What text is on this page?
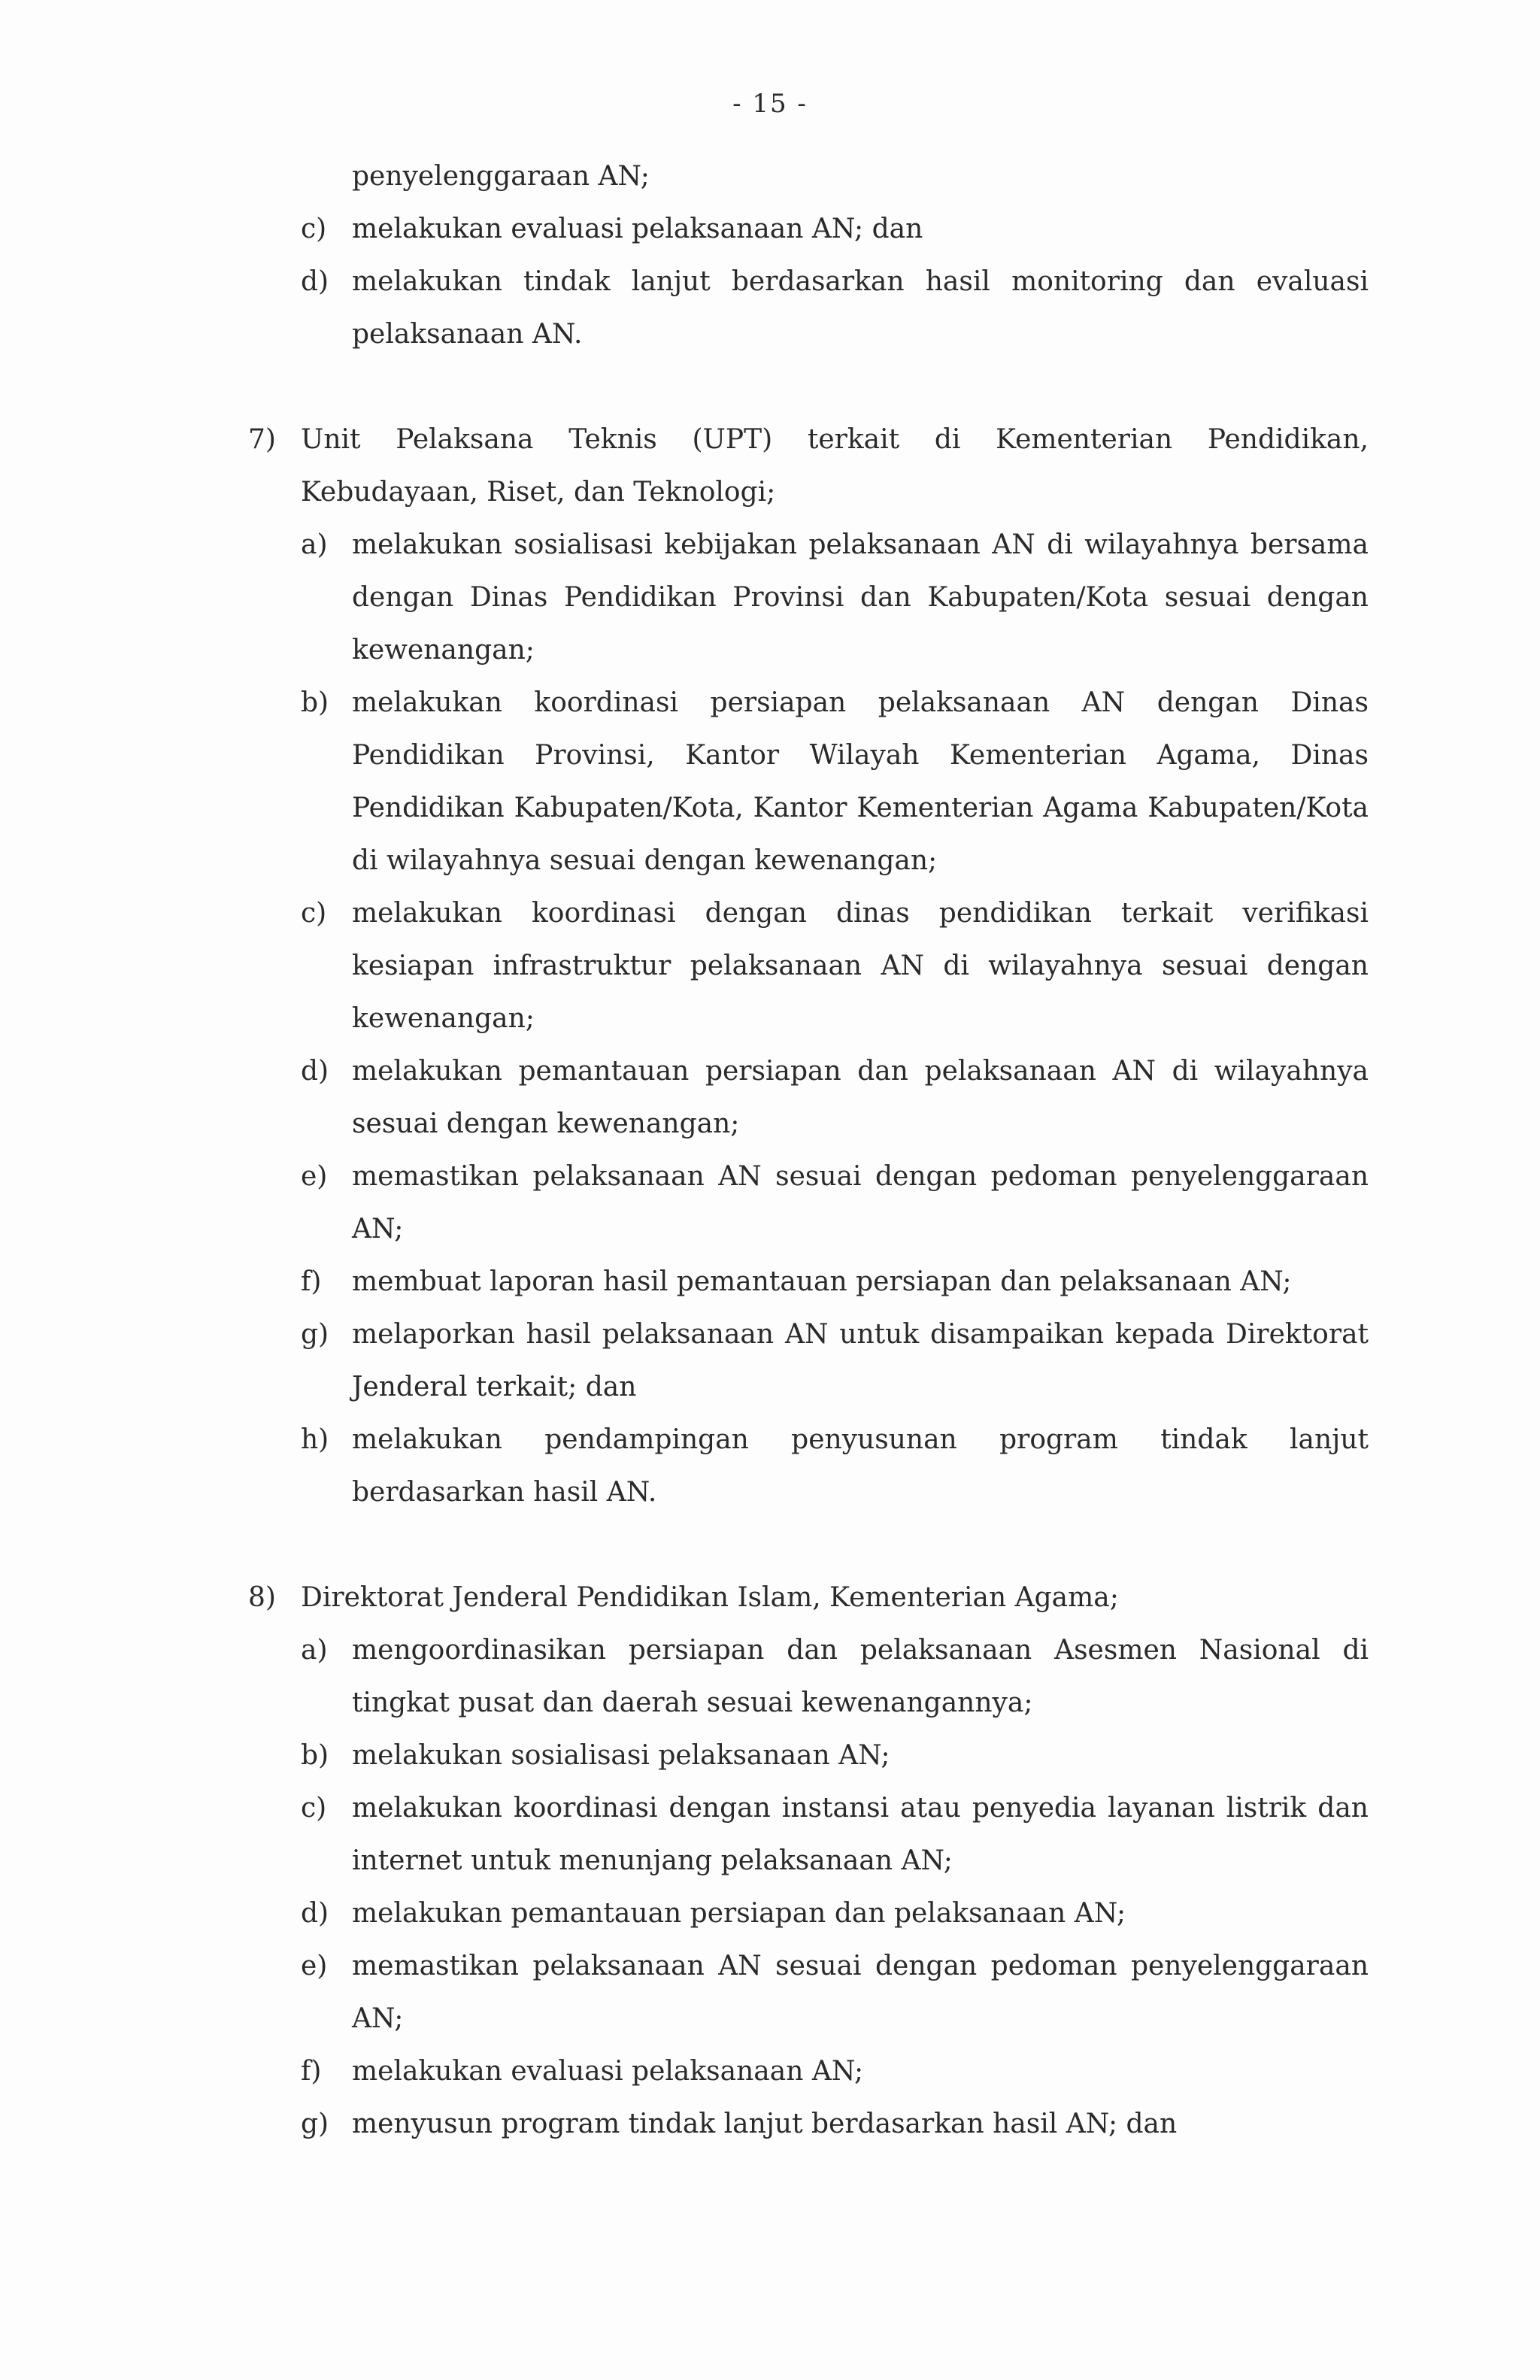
- 15 -
penyelenggaraan AN;
c) melakukan evaluasi pelaksanaan AN; dan
d) melakukan tindak lanjut berdasarkan hasil monitoring dan evaluasi pelaksanaan AN.
7) Unit Pelaksana Teknis (UPT) terkait di Kementerian Pendidikan, Kebudayaan, Riset, dan Teknologi;
a) melakukan sosialisasi kebijakan pelaksanaan AN di wilayahnya bersama dengan Dinas Pendidikan Provinsi dan Kabupaten/Kota sesuai dengan kewenangan;
b) melakukan koordinasi persiapan pelaksanaan AN dengan Dinas Pendidikan Provinsi, Kantor Wilayah Kementerian Agama, Dinas Pendidikan Kabupaten/Kota, Kantor Kementerian Agama Kabupaten/Kota di wilayahnya sesuai dengan kewenangan;
c) melakukan koordinasi dengan dinas pendidikan terkait verifikasi kesiapan infrastruktur pelaksanaan AN di wilayahnya sesuai dengan kewenangan;
d) melakukan pemantauan persiapan dan pelaksanaan AN di wilayahnya sesuai dengan kewenangan;
e) memastikan pelaksanaan AN sesuai dengan pedoman penyelenggaraan AN;
f)	membuat laporan hasil pemantauan persiapan dan pelaksanaan AN;
g) melaporkan hasil pelaksanaan AN untuk disampaikan kepada Direktorat Jenderal terkait; dan
h) melakukan pendampingan penyusunan program tindak lanjut berdasarkan hasil AN.
8) Direktorat Jenderal Pendidikan Islam, Kementerian Agama;
a) mengoordinasikan persiapan dan pelaksanaan Asesmen Nasional di tingkat pusat dan daerah sesuai kewenangannya;
b) melakukan sosialisasi pelaksanaan AN;
c) melakukan koordinasi dengan instansi atau penyedia layanan listrik dan internet untuk menunjang pelaksanaan AN;
d) melakukan pemantauan persiapan dan pelaksanaan AN;
e) memastikan pelaksanaan AN sesuai dengan pedoman penyelenggaraan AN;
f)	melakukan evaluasi pelaksanaan AN;
g) menyusun program tindak lanjut berdasarkan hasil AN; dan
